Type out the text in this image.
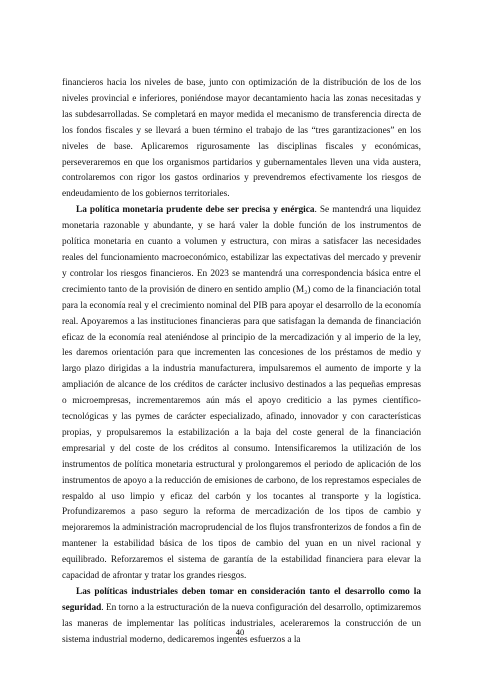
financieros hacia los niveles de base, junto con optimización de la distribución de los de los niveles provincial e inferiores, poniéndose mayor decantamiento hacia las zonas necesitadas y las subdesarrolladas. Se completará en mayor medida el mecanismo de transferencia directa de los fondos fiscales y se llevará a buen término el trabajo de las “tres garantizaciones” en los niveles de base. Aplicaremos rigurosamente las disciplinas fiscales y económicas, perseveraremos en que los organismos partidarios y gubernamentales lleven una vida austera, controlaremos con rigor los gastos ordinarios y prevendremos efectivamente los riesgos de endeudamiento de los gobiernos territoriales.

La política monetaria prudente debe ser precisa y enérgica. Se mantendrá una liquidez monetaria razonable y abundante, y se hará valer la doble función de los instrumentos de política monetaria en cuanto a volumen y estructura, con miras a satisfacer las necesidades reales del funcionamiento macroeconómico, estabilizar las expectativas del mercado y prevenir y controlar los riesgos financieros. En 2023 se mantendrá una correspondencia básica entre el crecimiento tanto de la provisión de dinero en sentido amplio (M₂) como de la financiación total para la economía real y el crecimiento nominal del PIB para apoyar el desarrollo de la economía real. Apoyaremos a las instituciones financieras para que satisfagan la demanda de financiación eficaz de la economía real ateniéndose al principio de la mercadización y al imperio de la ley, les daremos orientación para que incrementen las concesiones de los préstamos de medio y largo plazo dirigidas a la industria manufacturera, impulsaremos el aumento de importe y la ampliación de alcance de los créditos de carácter inclusivo destinados a las pequeñas empresas o microempresas, incrementaremos aún más el apoyo crediticio a las pymes científico-tecnológicas y las pymes de carácter especializado, afinado, innovador y con características propias, y propulsaremos la estabilización a la baja del coste general de la financiación empresarial y del coste de los créditos al consumo. Intensificaremos la utilización de los instrumentos de política monetaria estructural y prolongaremos el periodo de aplicación de los instrumentos de apoyo a la reducción de emisiones de carbono, de los represtamos especiales de respaldo al uso limpio y eficaz del carbón y los tocantes al transporte y la logística. Profundizaremos a paso seguro la reforma de mercadización de los tipos de cambio y mejoraremos la administración macroprudencial de los flujos transfronterizos de fondos a fin de mantener la estabilidad básica de los tipos de cambio del yuan en un nivel racional y equilibrado. Reforzaremos el sistema de garantía de la estabilidad financiera para elevar la capacidad de afrontar y tratar los grandes riesgos.

Las políticas industriales deben tomar en consideración tanto el desarrollo como la seguridad. En torno a la estructuración de la nueva configuración del desarrollo, optimizaremos las maneras de implementar las políticas industriales, aceleraremos la construcción de un sistema industrial moderno, dedicaremos ingentes esfuerzos a la

40
